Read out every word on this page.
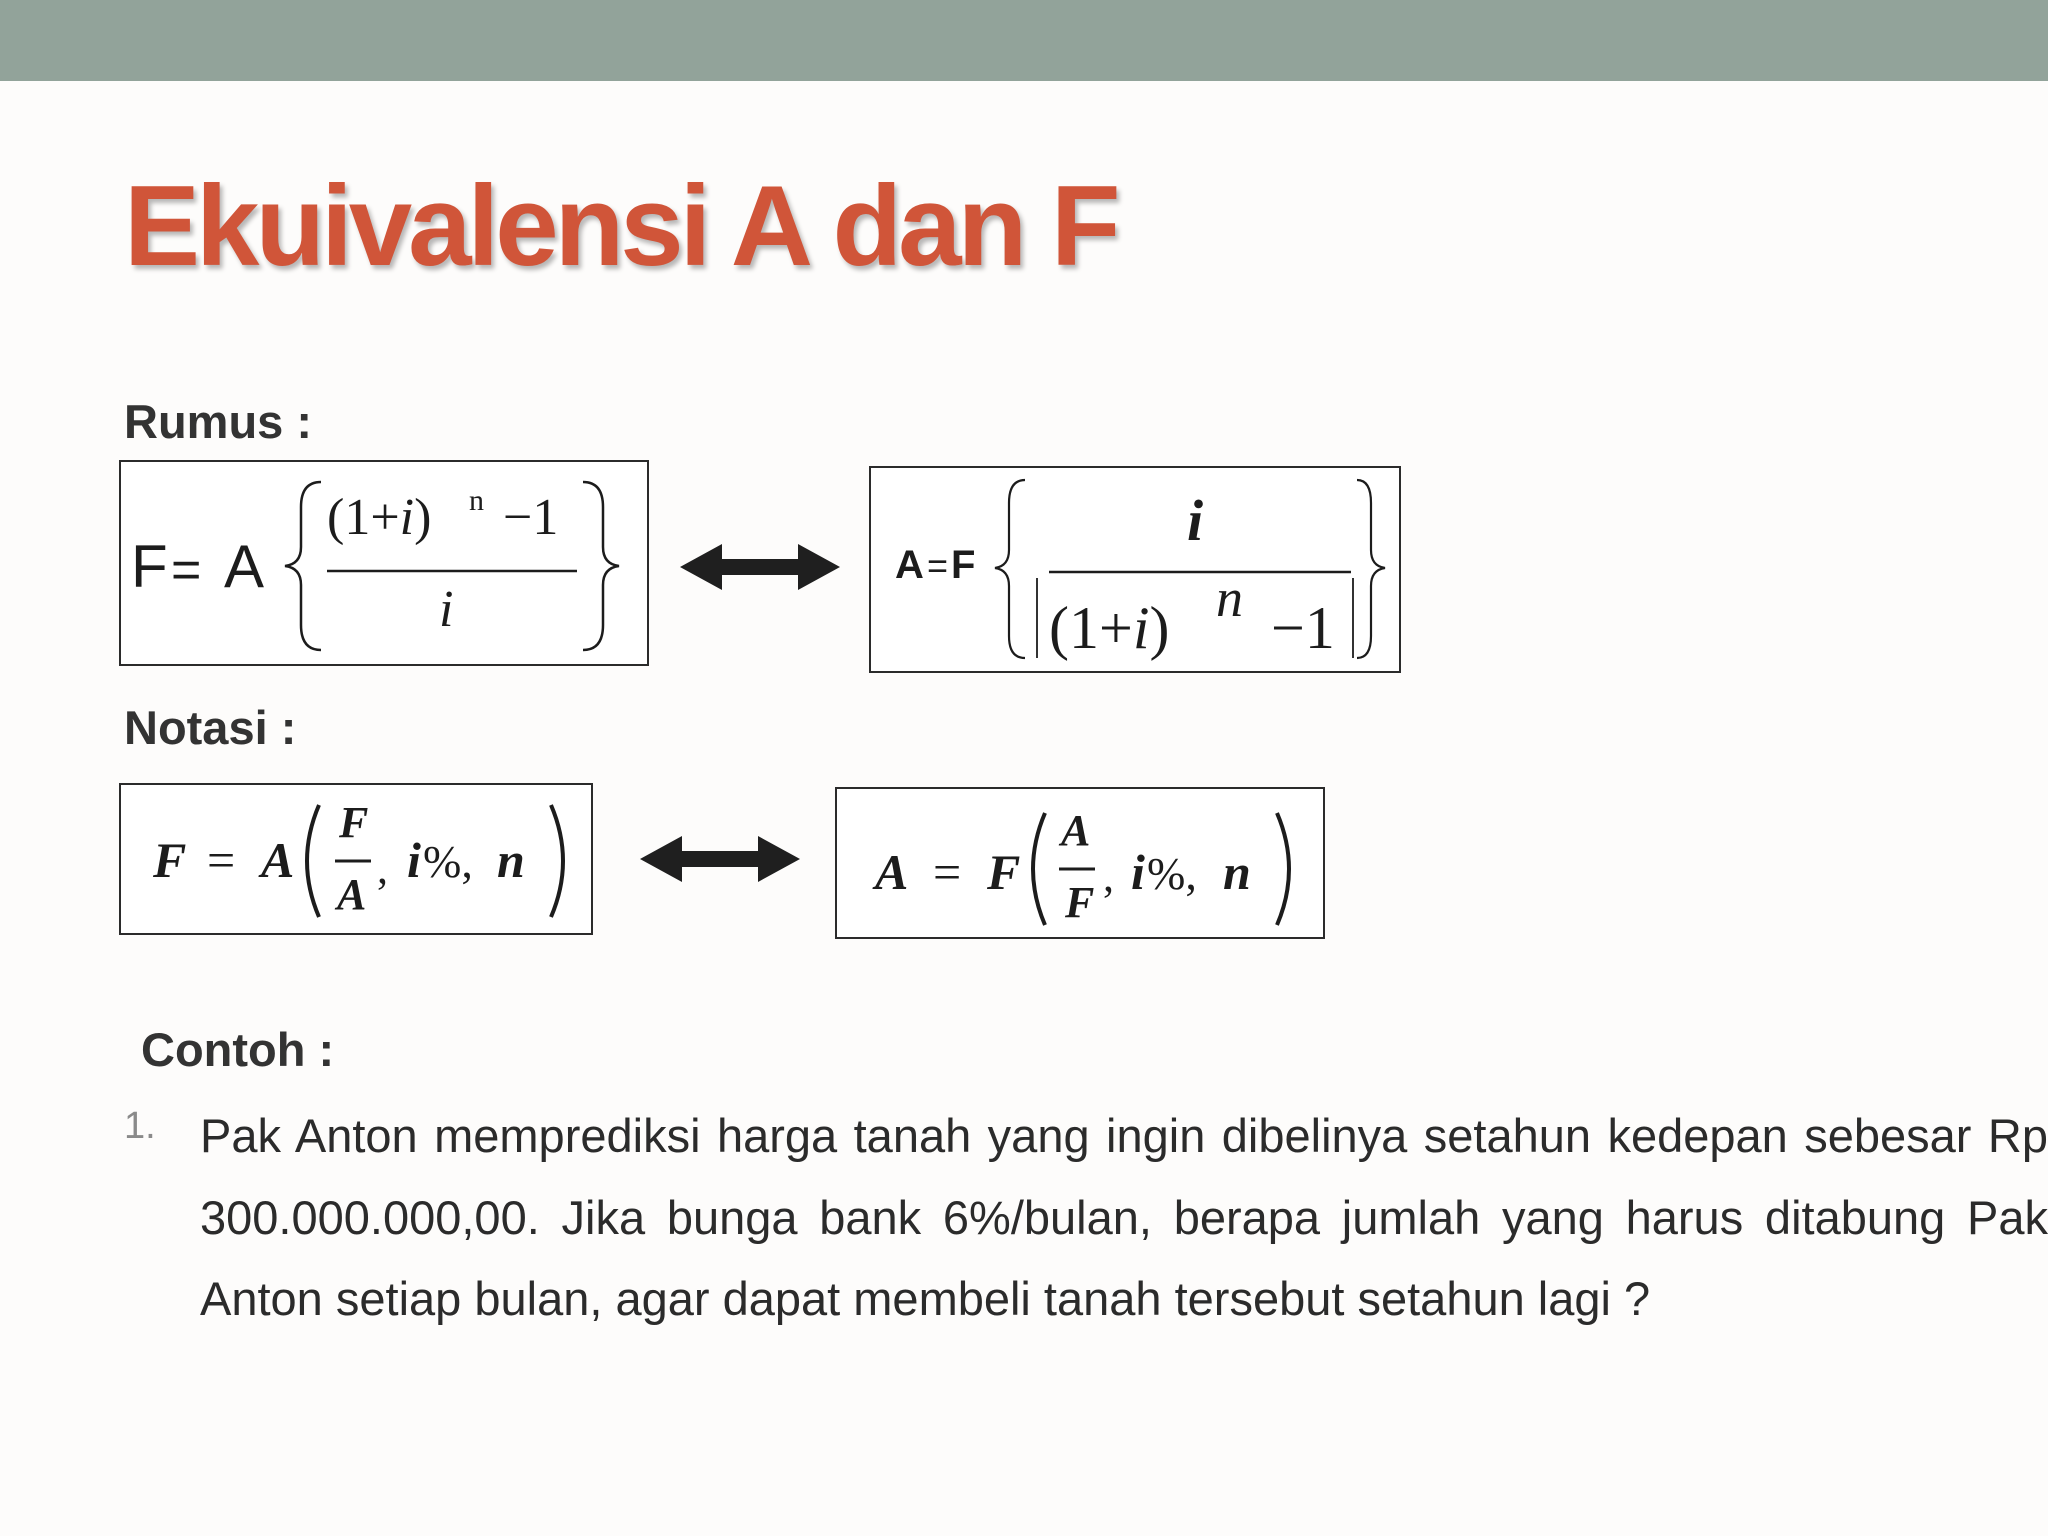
Ekuivalensi A dan F

Rumus :

F = A
(1+i) n −1
i
A = F
i
(1+i) n −1

Notasi :

F = A
F
A
, i %, n	A = F
A
F
, i %, n

Contoh :

1. Pak Anton memprediksi harga tanah yang ingin dibelinya setahun kedepan sebesar Rp 300.000.000,00. Jika bunga bank 6%/bulan, berapa jumlah yang harus ditabung Pak Anton setiap bulan, agar dapat membeli tanah tersebut setahun lagi ?
